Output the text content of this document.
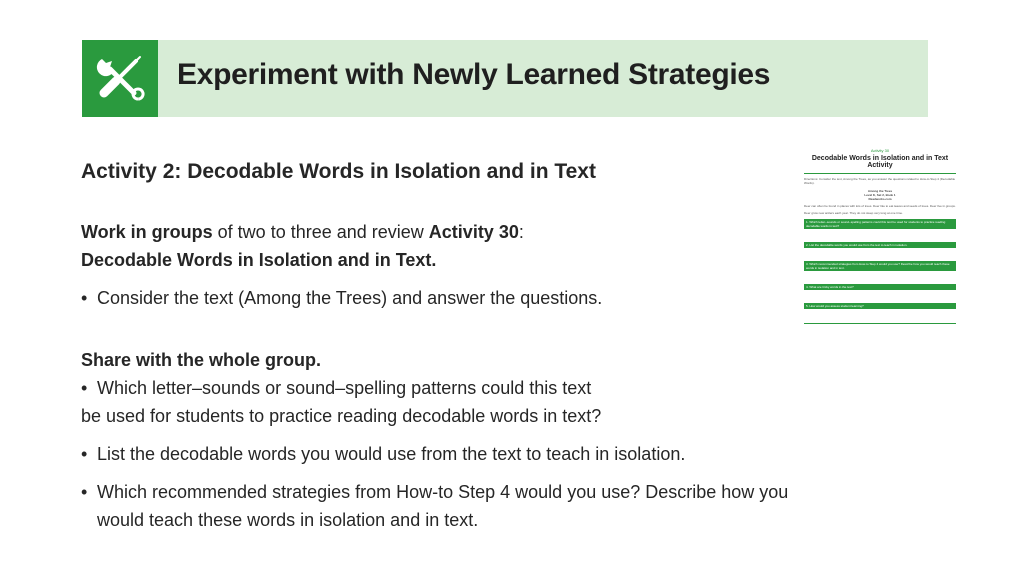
Experiment with Newly Learned Strategies
Activity 2: Decodable Words in Isolation and in Text

Work in groups of two to three and review Activity 30:

Decodable Words in Isolation and in Text.

• Consider the text (Among the Trees) and answer the questions.

Share with the whole group.

• Which letter–sounds or sound–spelling patterns could this text

be used for students to practice reading decodable words in text?

• List the decodable words you would use from the text to teach in isolation.
• Which recommended strategies from How-to Step 4 would you use? Describe how you
would teach these words in isolation and in text.
Activity 30
Decodable Words in Isolation and in Text Activity
Directions: Consider the text, Among the Trees, as you answer the questions related to How-to Step 4 (Decodable Words).
Among the Trees
Level K, Set 2, Book 1
Readworks.com
Deer can often be found in places with lots of trees. Deer like to eat leaves and seeds of trees. Deer live in groups.
Deer grow new antlers each year. They do not sleep very long at one time.
1. Which letter–sounds or sound–spelling patterns could this text be used for students to practice reading decodable words in text?
2. List the decodable words you would use from the text to teach in isolation.
3. Which recommended strategies from How-to Step 4 would you use? Describe how you would teach these words in isolation and in text.
4. What are tricky words in the text?
5. How would you assess student learning?
